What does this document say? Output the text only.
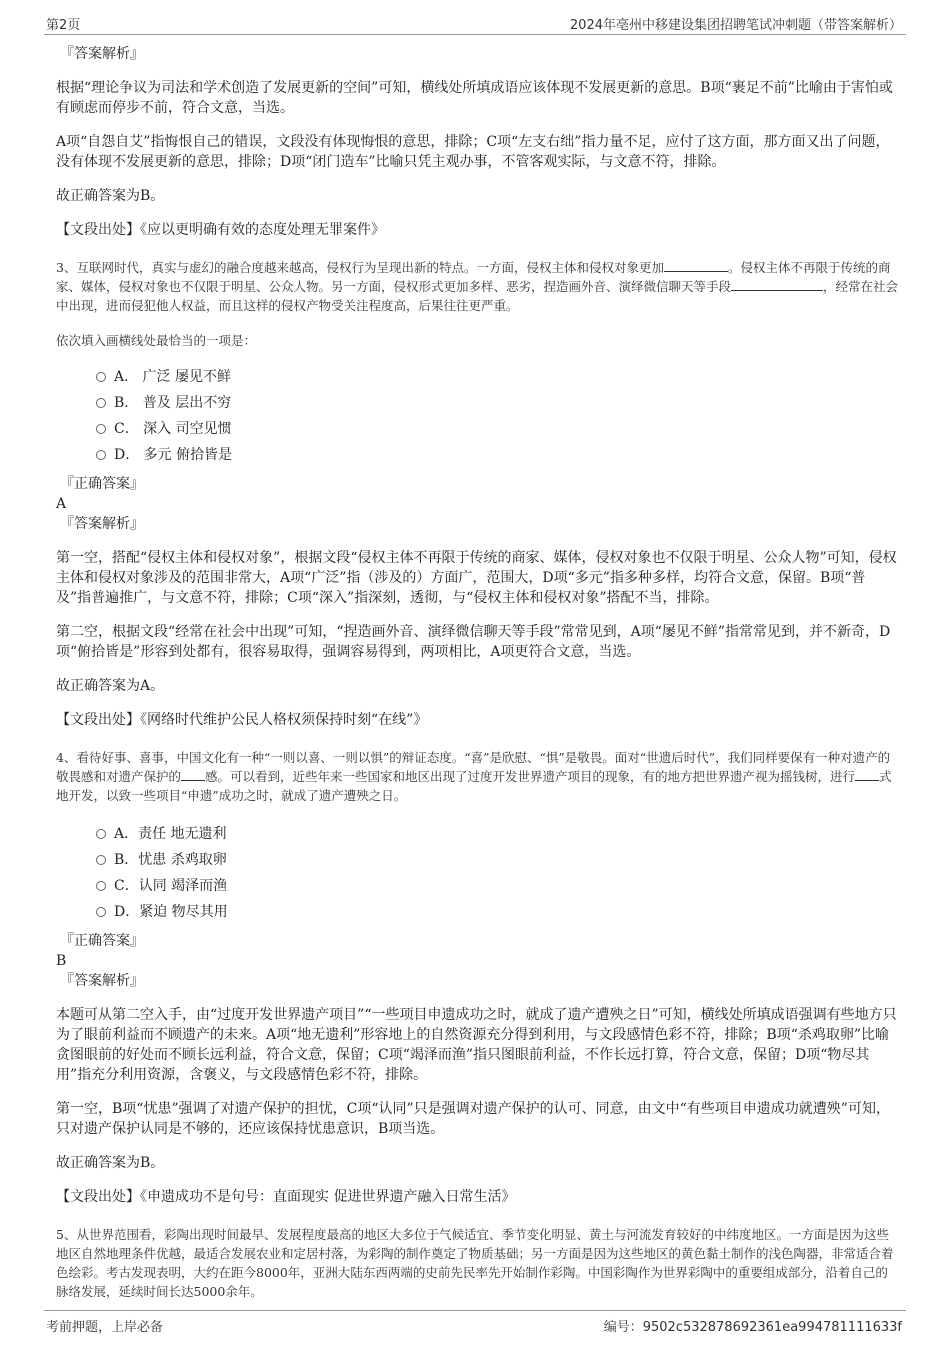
第2页	2024年亳州中移建设集团招聘笔试冲刺题（带答案解析）

『答案解析』

根据“理论争议为司法和学术创造了发展更新的空间”可知，横线处所填成语应该体现不发展更新的意思。B项“裹足不前”比喻由于害怕或有顾虑而停步不前，符合文意，当选。

A项“自怨自艾”指悔恨自己的错误，文段没有体现悔恨的意思，排除；C项“左支右绌”指力量不足，应付了这方面，那方面又出了问题，没有体现不发展更新的意思，排除；D项“闭门造车”比喻只凭主观办事，不管客观实际，与文意不符，排除。

故正确答案为B。

【文段出处】《应以更明确有效的态度处理无罪案件》

3、互联网时代，真实与虚幻的融合度越来越高，侵权行为呈现出新的特点。一方面，侵权主体和侵权对象更加	。侵权主体不再限于传统的商家、媒体，侵权对象也不仅限于明星、公众人物。另一方面，侵权形式更加多样、恶劣，捏造画外音、演绎微信聊天等手段	，经常在社会中出现，进而侵犯他人权益，而且这样的侵权产物受关注程度高，后果往往更严重。

依次填入画横线处最恰当的一项是：

A． 广泛 屡见不鲜
B． 普及 层出不穷
C． 深入 司空见惯
D． 多元 俯拾皆是

『正确答案』

A

『答案解析』

第一空，搭配“侵权主体和侵权对象”，根据文段“侵权主体不再限于传统的商家、媒体，侵权对象也不仅限于明星、公众人物”可知，侵权主体和侵权对象涉及的范围非常大，A项“广泛”指（涉及的）方面广，范围大，D项“多元”指多种多样，均符合文意，保留。B项“普及”指普遍推广，与文意不符，排除；C项“深入”指深刻，透彻，与“侵权主体和侵权对象”搭配不当，排除。

第二空，根据文段“经常在社会中出现”可知，“捏造画外音、演绎微信聊天等手段”常常见到，A项“屡见不鲜”指常常见到，并不新奇，D项“俯拾皆是”形容到处都有，很容易取得，强调容易得到，两项相比，A项更符合文意，当选。

故正确答案为A。

【文段出处】《网络时代维护公民人格权须保持时刻“在线”》

4、看待好事、喜事，中国文化有一种“一则以喜、一则以惧”的辩证态度。“喜”是欣慰、“惧”是敬畏。面对“世遗后时代”，我们同样要保有一种对遗产的敬畏感和对遗产保护的 感。可以看到，近些年来一些国家和地区出现了过度开发世界遗产项目的现象，有的地方把世界遗产视为摇钱树，进行 式地开发，以致一些项目“申遗”成功之时，就成了遗产遭殃之日。

A．责任 地无遗利
B．忧患 杀鸡取卵
C．认同 竭泽而渔
D．紧迫 物尽其用

『正确答案』

B

『答案解析』

本题可从第二空入手，由“过度开发世界遗产项目”“一些项目申遗成功之时，就成了遗产遭殃之日”可知，横线处所填成语强调有些地方只为了眼前利益而不顾遗产的未来。A项“地无遗利”形容地上的自然资源充分得到利用，与文段感情色彩不符，排除；B项“杀鸡取卵”比喻贪图眼前的好处而不顾长远利益，符合文意，保留；C项“竭泽而渔”指只图眼前利益，不作长远打算，符合文意，保留；D项“物尽其用”指充分利用资源，含褒义，与文段感情色彩不符，排除。

第一空，B项“忧患”强调了对遗产保护的担忧，C项“认同”只是强调对遗产保护的认可、同意，由文中“有些项目申遗成功就遭殃”可知，只对遗产保护认同是不够的，还应该保持忧患意识，B项当选。

故正确答案为B。

【文段出处】《申遗成功不是句号：直面现实 促进世界遗产融入日常生活》

5、从世界范围看，彩陶出现时间最早、发展程度最高的地区大多位于气候适宜、季节变化明显、黄土与河流发育较好的中纬度地区。一方面是因为这些地区自然地理条件优越，最适合发展农业和定居村落，为彩陶的制作奠定了物质基础；另一方面是因为这些地区的黄色黏土制作的浅色陶器，非常适合着色绘彩。考古发现表明，大约在距今8000年，亚洲大陆东西两端的史前先民率先开始制作彩陶。中国彩陶作为世界彩陶中的重要组成部分，沿着自己的脉络发展，延续时间长达5000余年。

考前押题，上岸必备	编号：9502c532878692361ea994781111633f
